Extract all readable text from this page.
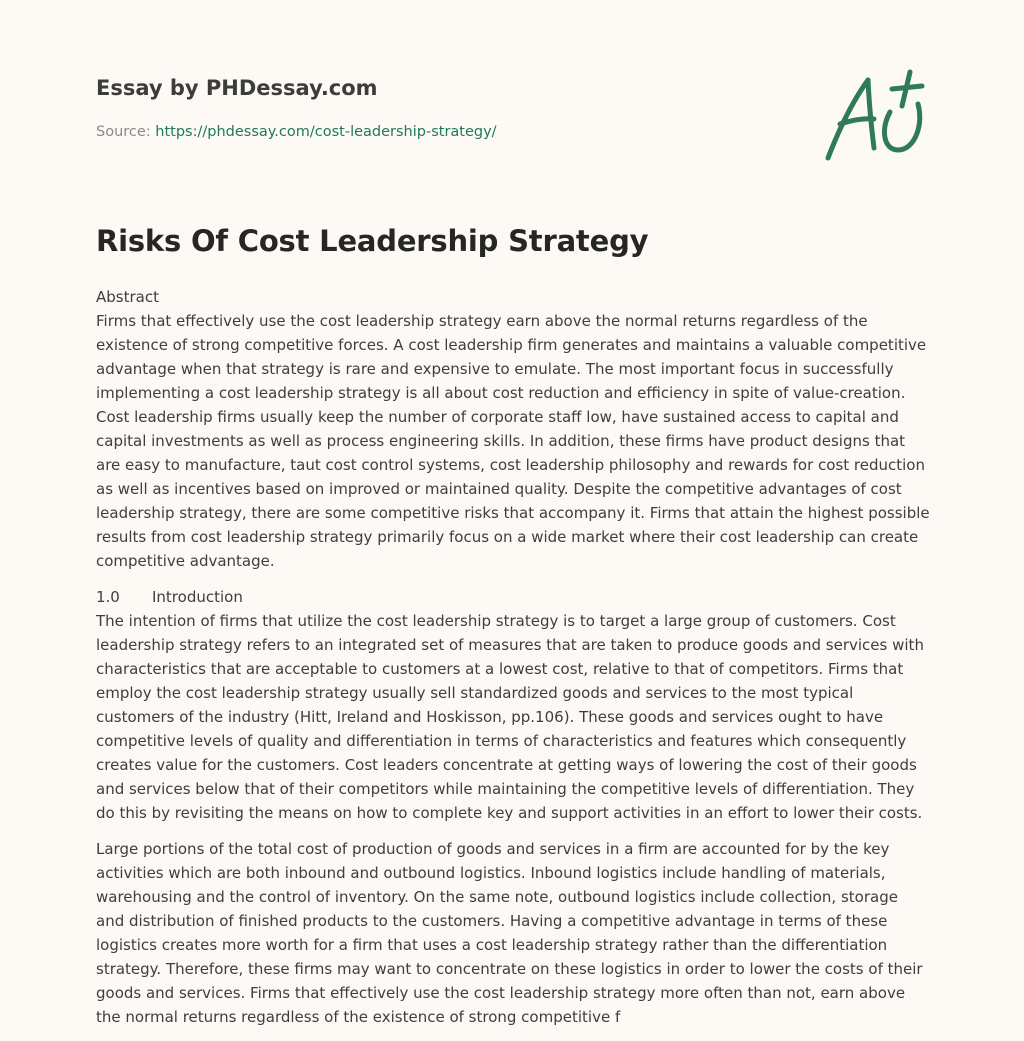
Essay by PHDessay.com
Source: https://phdessay.com/cost-leadership-strategy/
Risks Of Cost Leadership Strategy

Abstract
Firms that effectively use the cost leadership strategy earn above the normal returns regardless of the existence of strong competitive forces. A cost leadership firm generates and maintains a valuable competitive advantage when that strategy is rare and expensive to emulate. The most important focus in successfully implementing a cost leadership strategy is all about cost reduction and efficiency in spite of value-creation. Cost leadership firms usually keep the number of corporate staff low, have sustained access to capital and capital investments as well as process engineering skills. In addition, these firms have product designs that are easy to manufacture, taut cost control systems, cost leadership philosophy and rewards for cost reduction as well as incentives based on improved or maintained quality. Despite the competitive advantages of cost leadership strategy, there are some competitive risks that accompany it. Firms that attain the highest possible results from cost leadership strategy primarily focus on a wide market where their cost leadership can create competitive advantage.

1.0 Introduction
The intention of firms that utilize the cost leadership strategy is to target a large group of customers. Cost leadership strategy refers to an integrated set of measures that are taken to produce goods and services with characteristics that are acceptable to customers at a lowest cost, relative to that of competitors. Firms that employ the cost leadership strategy usually sell standardized goods and services to the most typical customers of the industry (Hitt, Ireland and Hoskisson, pp.106). These goods and services ought to have competitive levels of quality and differentiation in terms of characteristics and features which consequently creates value for the customers. Cost leaders concentrate at getting ways of lowering the cost of their goods and services below that of their competitors while maintaining the competitive levels of differentiation. They do this by revisiting the means on how to complete key and support activities in an effort to lower their costs.

Large portions of the total cost of production of goods and services in a firm are accounted for by the key activities which are both inbound and outbound logistics. Inbound logistics include handling of materials, warehousing and the control of inventory. On the same note, outbound logistics include collection, storage and distribution of finished products to the customers. Having a competitive advantage in terms of these logistics creates more worth for a firm that uses a cost leadership strategy rather than the differentiation strategy. Therefore, these firms may want to concentrate on these logistics in order to lower the costs of their goods and services. Firms that effectively use the cost leadership strategy more often than not, earn above the normal returns regardless of the existence of strong competitive f
